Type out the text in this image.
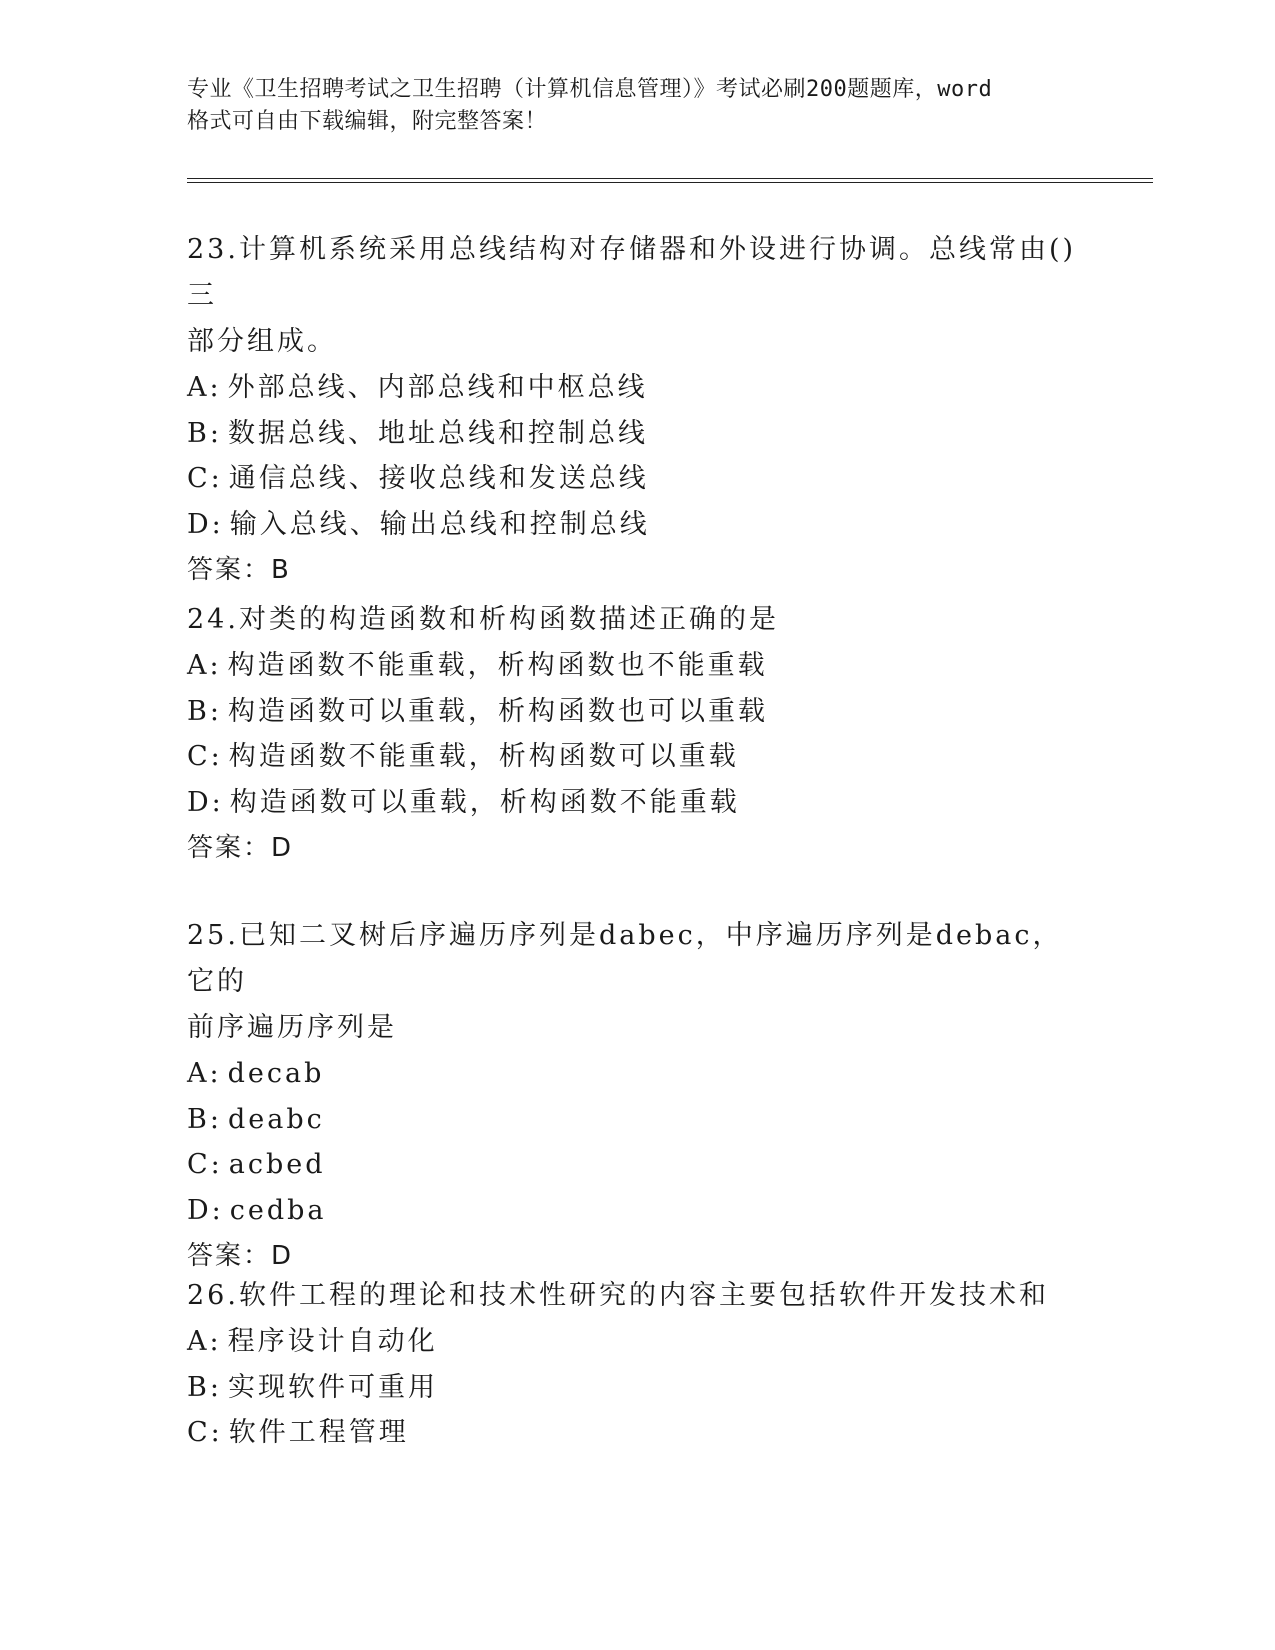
专业《卫生招聘考试之卫生招聘（计算机信息管理）》考试必刷200题题库，word
格式可自由下载编辑，附完整答案！

23.计算机系统采用总线结构对存储器和外设进行协调。总线常由()三

部分组成。

A: 外部总线、内部总线和中枢总线

B: 数据总线、地址总线和控制总线

C: 通信总线、接收总线和发送总线

D: 输入总线、输出总线和控制总线

答案：B

24.对类的构造函数和析构函数描述正确的是

A: 构造函数不能重载，析构函数也不能重载

B: 构造函数可以重载，析构函数也可以重载

C: 构造函数不能重载，析构函数可以重载

D: 构造函数可以重载，析构函数不能重载

答案：D

25.已知二叉树后序遍历序列是dabec，中序遍历序列是debac，它的

前序遍历序列是

A: decab

B: deabc

C: acbed

D: cedba

答案：D

26.软件工程的理论和技术性研究的内容主要包括软件开发技术和

A: 程序设计自动化

B: 实现软件可重用

C: 软件工程管理
